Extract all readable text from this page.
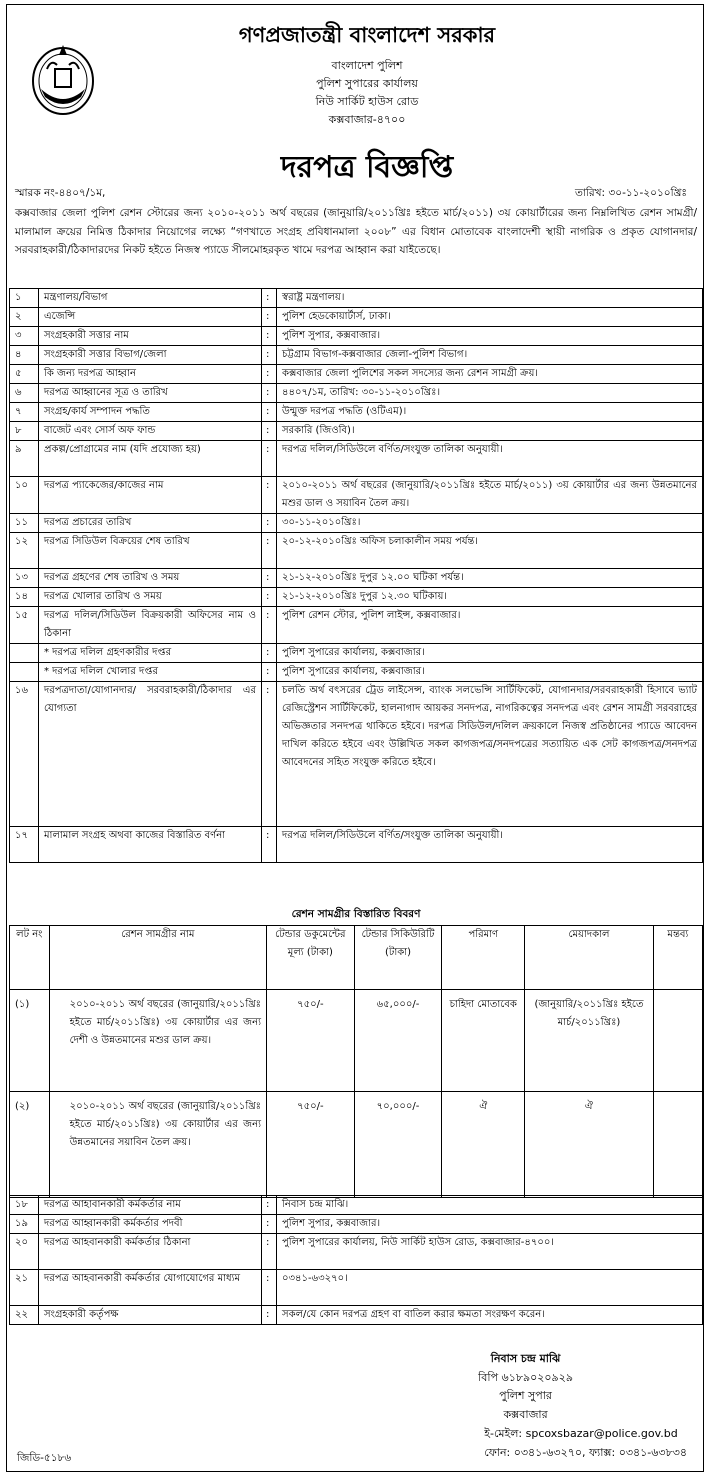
গণপ্রজাতন্ত্রী বাংলাদেশ সরকার
বাংলাদেশ পুলিশ
পুলিশ সুপারের কার্যালয়
নিউ সার্কিট হাউস রোড
কক্সবাজার-৪৭০০
দরপত্র বিজ্ঞপ্তি
স্মারক নং-৪৪০৭/১ম,	তারিখ: ৩০-১১-২০১০খ্রিঃ
কক্সবাজার জেলা পুলিশ রেশন স্টোরের জন্য ২০১০-২০১১ অর্থ বছরের (জানুয়ারি/২০১১খ্রিঃ হইতে মার্চ/২০১১) ৩য় কোয়ার্টারের জন্য নিম্নলিখিত রেশন সামগ্রী/মালামাল ক্রয়ের নিমিত্ত ঠিকাদার নিয়োগের লক্ষ্যে “গণখাতে সংগ্রহ প্রবিধানমালা ২০০৮” এর বিধান মোতাবেক বাংলাদেশী স্থায়ী নাগরিক ও প্রকৃত যোগানদার/সরবরাহকারী/ঠিকাদারদের নিকট হইতে নিজস্ব প্যাডে সীলমোহরকৃত খামে দরপত্র আহ্বান করা যাইতেছে।
১	মন্ত্রণালয়/বিভাগ	:	স্বরাষ্ট্র মন্ত্রণালয়।
২	এজেন্সি	:	পুলিশ হেডকোয়ার্টার্স, ঢাকা।
৩	সংগ্রহকারী সত্তার নাম	:	পুলিশ সুপার, কক্সবাজার।
৪	সংগ্রহকারী সত্তার বিভাগ/জেলা	:	চট্টগ্রাম বিভাগ-কক্সবাজার জেলা-পুলিশ বিভাগ।
৫	কি জন্য দরপত্র আহ্বান	:	কক্সবাজার জেলা পুলিশের সকল সদস্যের জন্য রেশন সামগ্রী ক্রয়।
৬	দরপত্র আহ্বানের সূত্র ও তারিখ	:	৪৪০৭/১ম, তারিখ: ৩০-১১-২০১০খ্রিঃ।
৭	সংগ্রহ/কার্য সম্পাদন পদ্ধতি	:	উন্মুক্ত দরপত্র পদ্ধতি (ওটিএম)।
৮	বাজেট এবং সোর্স অফ ফান্ড	:	সরকারি (জিওবি)।
৯	প্রকল্প/প্রোগ্রামের নাম (যদি প্রযোজ্য হয়)	:	দরপত্র দলিল/সিডিউলে বর্ণিত/সংযুক্ত তালিকা অনুযায়ী।
১০	দরপত্র প্যাকেজের/কাজের নাম	:	২০১০-২০১১ অর্থ বছরের (জানুয়ারি/২০১১খ্রিঃ হইতে মার্চ/২০১১) ৩য় কোয়ার্টার এর জন্য উন্নতমানের মশুর ডাল ও সয়াবিন তৈল ক্রয়।
১১	দরপত্র প্রচারের তারিখ	:	৩০-১১-২০১০খ্রিঃ।
১২	দরপত্র সিডিউল বিক্রয়ের শেষ তারিখ	:	২০-১২-২০১০খ্রিঃ অফিস চলাকালীন সময় পর্যন্ত।
১৩	দরপত্র গ্রহণের শেষ তারিখ ও সময়	:	২১-১২-২০১০খ্রিঃ দুপুর ১২.০০ ঘটিকা পর্যন্ত।
১৪	দরপত্র খোলার তারিখ ও সময়	:	২১-১২-২০১০খ্রিঃ দুপুর ১২.৩০ ঘটিকায়।
১৫	দরপত্র দলিল/সিডিউল বিক্রয়কারী অফিসের নাম ও ঠিকানা	:	পুলিশ রেশন স্টোর, পুলিশ লাইন্স, কক্সবাজার।
	* দরপত্র দলিল গ্রহণকারীর দপ্তর	:	পুলিশ সুপারের কার্যালয়, কক্সবাজার।
	* দরপত্র দলিল খোলার দপ্তর	:	পুলিশ সুপারের কার্যালয়, কক্সবাজার।
১৬	দরপত্রদাতা/যোগানদার/ সরবরাহকারী/ঠিকাদার এর যোগ্যতা	:	চলতি অর্থ বৎসরের ট্রেড লাইসেন্স, ব্যাংক সলভেন্সি সার্টিফিকেট, যোগানদার/সরবরাহকারী হিসাবে ভ্যাট রেজিস্ট্রেশন সার্টিফিকেট, হালনাগাদ আয়কর সনদপত্র, নাগরিকত্বের সনদপত্র এবং রেশন সামগ্রী সরবরাহের অভিজ্ঞতার সনদপত্র থাকিতে হইবে। দরপত্র সিডিউল/দলিল ক্রয়কালে নিজস্ব প্রতিষ্ঠানের প্যাডে আবেদন দাখিল করিতে হইবে এবং উল্লিখিত সকল কাগজপত্র/সনদপত্রের সত্যায়িত এক সেট কাগজপত্র/সনদপত্র আবেদনের সহিত সংযুক্ত করিতে হইবে।
১৭	মালামাল সংগ্রহ অথবা কাজের বিস্তারিত বর্ণনা	:	দরপত্র দলিল/সিডিউলে বর্ণিত/সংযুক্ত তালিকা অনুযায়ী।
রেশন সামগ্রীর বিস্তারিত বিবরণ
লট নং	রেশন সামগ্রীর নাম	টেন্ডার ডকুমেন্টের মূল্য (টাকা)	টেন্ডার সিকিউরিটি (টাকা)	পরিমাণ	মেয়াদকাল	মন্তব্য
(১)	২০১০-২০১১ অর্থ বছরের (জানুয়ারি/২০১১খ্রিঃ হইতে মার্চ/২০১১খ্রিঃ) ৩য় কোয়ার্টার এর জন্য দেশী ও উন্নতমানের মশুর ডাল ক্রয়।	৭৫০/-	৬৫,০০০/-	চাহিদা মোতাবেক	(জানুয়ারি/২০১১খ্রিঃ হইতে মার্চ/২০১১খ্রিঃ)	
(২)	২০১০-২০১১ অর্থ বছরের (জানুয়ারি/২০১১খ্রিঃ হইতে মার্চ/২০১১খ্রিঃ) ৩য় কোয়ার্টার এর জন্য উন্নতমানের সয়াবিন তৈল ক্রয়।	৭৫০/-	৭০,০০০/-	ঐ	ঐ	
১৮	দরপত্র আহাবানকারী কর্মকর্তার নাম	:	নিবাস চন্দ্র মাঝি।
১৯	দরপত্র আহ্বানকারী কর্মকর্তার পদবী	:	পুলিশ সুপার, কক্সবাজার।
২০	দরপত্র আহবানকারী কর্মকর্তার ঠিকানা	:	পুলিশ সুপারের কার্যালয়, নিউ সার্কিট হাউস রোড, কক্সবাজার-৪৭০০।
২১	দরপত্র আহবানকারী কর্মকর্তার যোগাযোগের মাধ্যম	:	০৩৪১-৬৩২৭০।
২২	সংগ্রহকারী কর্তৃপক্ষ	:	সকল/যে কোন দরপত্র গ্রহণ বা বাতিল করার ক্ষমতা সংরক্ষণ করেন।
নিবাস চন্দ্র মাঝি
বিপি ৬১৮৯০২০৯২৯
পুলিশ সুপার
কক্সবাজার
ই-মেইল: spcoxsbazar@police.gov.bd
ফোন: ০৩৪১-৬৩২৭০, ফ্যাক্স: ০৩৪১-৬৩৮৩৪
জিডি-৫১৮৬
